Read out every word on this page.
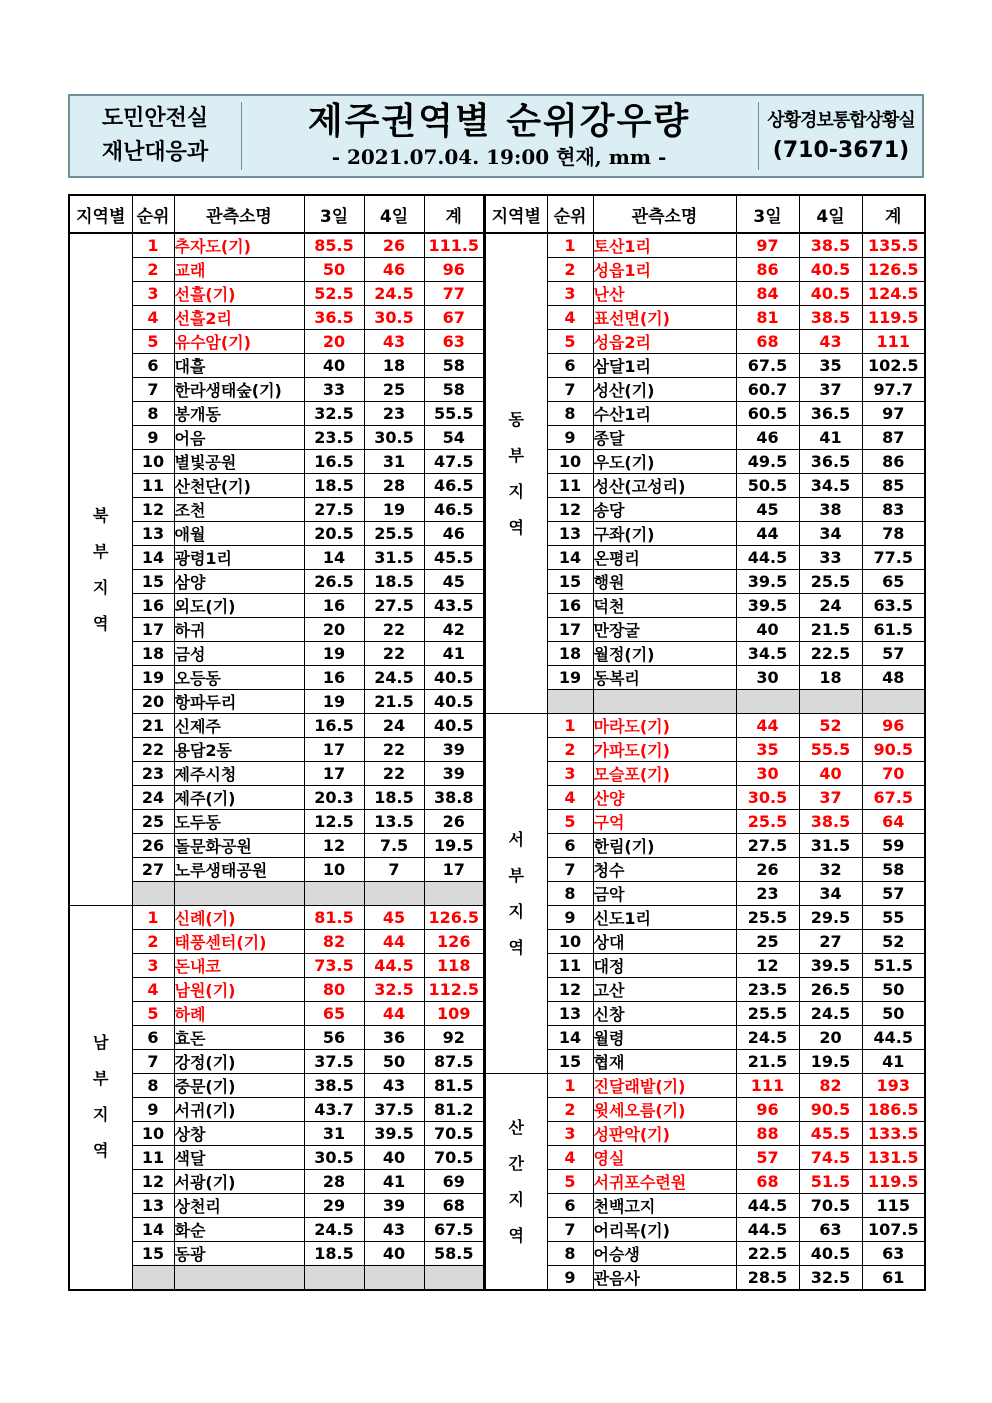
도민안전실
재난대응과
제주권역별 순위강우량
- 2021.07.04. 19:00 현재, mm -
상황경보통합상황실
(710-3671)
지역별	순위	관측소명	3일	4일	계
북
부
지
역	1	추자도(기)	85.5	26	111.5
	2	교래	50	46	96
	3	선흘(기)	52.5	24.5	77
	4	선흘2리	36.5	30.5	67
	5	유수암(기)	20	43	63
	6	대흘	40	18	58
	7	한라생태숲(기)	33	25	58
	8	봉개동	32.5	23	55.5
	9	어음	23.5	30.5	54
	10	별빛공원	16.5	31	47.5
	11	산천단(기)	18.5	28	46.5
	12	조천	27.5	19	46.5
	13	애월	20.5	25.5	46
	14	광령1리	14	31.5	45.5
	15	삼양	26.5	18.5	45
	16	외도(기)	16	27.5	43.5
	17	하귀	20	22	42
	18	금성	19	22	41
	19	오등동	16	24.5	40.5
	20	항파두리	19	21.5	40.5
	21	신제주	16.5	24	40.5
	22	용담2동	17	22	39
	23	제주시청	17	22	39
	24	제주(기)	20.3	18.5	38.8
	25	도두동	12.5	13.5	26
	26	돌문화공원	12	7.5	19.5
	27	노루생태공원	10	7	17

남
부
지
역	1	신례(기)	81.5	45	126.5
	2	태풍센터(기)	82	44	126
	3	돈내코	73.5	44.5	118
	4	남원(기)	80	32.5	112.5
	5	하례	65	44	109
	6	효돈	56	36	92
	7	강정(기)	37.5	50	87.5
	8	중문(기)	38.5	43	81.5
	9	서귀(기)	43.7	37.5	81.2
	10	상창	31	39.5	70.5
	11	색달	30.5	40	70.5
	12	서광(기)	28	41	69
	13	상천리	29	39	68
	14	화순	24.5	43	67.5
	15	동광	18.5	40	58.5

지역별	순위	관측소명	3일	4일	계
동
부
지
역	1	토산1리	97	38.5	135.5
	2	성읍1리	86	40.5	126.5
	3	난산	84	40.5	124.5
	4	표선면(기)	81	38.5	119.5
	5	성읍2리	68	43	111
	6	삼달1리	67.5	35	102.5
	7	성산(기)	60.7	37	97.7
	8	수산1리	60.5	36.5	97
	9	종달	46	41	87
	10	우도(기)	49.5	36.5	86
	11	성산(고성리)	50.5	34.5	85
	12	송당	45	38	83
	13	구좌(기)	44	34	78
	14	온평리	44.5	33	77.5
	15	행원	39.5	25.5	65
	16	덕천	39.5	24	63.5
	17	만장굴	40	21.5	61.5
	18	월정(기)	34.5	22.5	57
	19	동복리	30	18	48

서
부
지
역	1	마라도(기)	44	52	96
	2	가파도(기)	35	55.5	90.5
	3	모슬포(기)	30	40	70
	4	산양	30.5	37	67.5
	5	구억	25.5	38.5	64
	6	한림(기)	27.5	31.5	59
	7	청수	26	32	58
	8	금악	23	34	57
	9	신도1리	25.5	29.5	55
	10	상대	25	27	52
	11	대정	12	39.5	51.5
	12	고산	23.5	26.5	50
	13	신창	25.5	24.5	50
	14	월령	24.5	20	44.5
	15	협재	21.5	19.5	41
산
간
지
역	1	진달래밭(기)	111	82	193
	2	윗세오름(기)	96	90.5	186.5
	3	성판악(기)	88	45.5	133.5
	4	영실	57	74.5	131.5
	5	서귀포수련원	68	51.5	119.5
	6	천백고지	44.5	70.5	115
	7	어리목(기)	44.5	63	107.5
	8	어승생	22.5	40.5	63
	9	관음사	28.5	32.5	61
